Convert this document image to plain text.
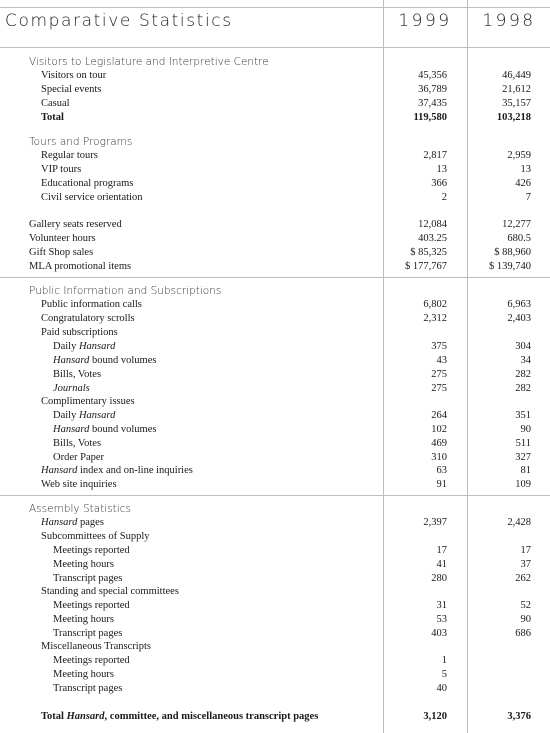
Comparative Statistics	1999	1998
Visitors to Legislature and Interpretive Centre
Visitors on tour	45,356	46,449
Special events	36,789	21,612
Casual	37,435	35,157
Total	119,580	103,218
Tours and Programs
Regular tours	2,817	2,959
VIP tours	13	13
Educational programs	366	426
Civil service orientation	2	7
Gallery seats reserved	12,084	12,277
Volunteer hours	403.25	680.5
Gift Shop sales	$ 85,325	$ 88,960
MLA promotional items	$ 177,767	$ 139,740
Public Information and Subscriptions
Public information calls	6,802	6,963
Congratulatory scrolls	2,312	2,403
Paid subscriptions
Daily Hansard	375	304
Hansard bound volumes	43	34
Bills, Votes	275	282
Journals	275	282
Complimentary issues
Daily Hansard	264	351
Hansard bound volumes	102	90
Bills, Votes	469	511
Order Paper	310	327
Hansard index and on-line inquiries	63	81
Web site inquiries	91	109
Assembly Statistics
Hansard pages	2,397	2,428
Subcommittees of Supply
Meetings reported	17	17
Meeting hours	41	37
Transcript pages	280	262
Standing and special committees
Meetings reported	31	52
Meeting hours	53	90
Transcript pages	403	686
Miscellaneous Transcripts
Meetings reported	1
Meeting hours	5
Transcript pages	40
Total Hansard, committee, and miscellaneous transcript pages	3,120	3,376
